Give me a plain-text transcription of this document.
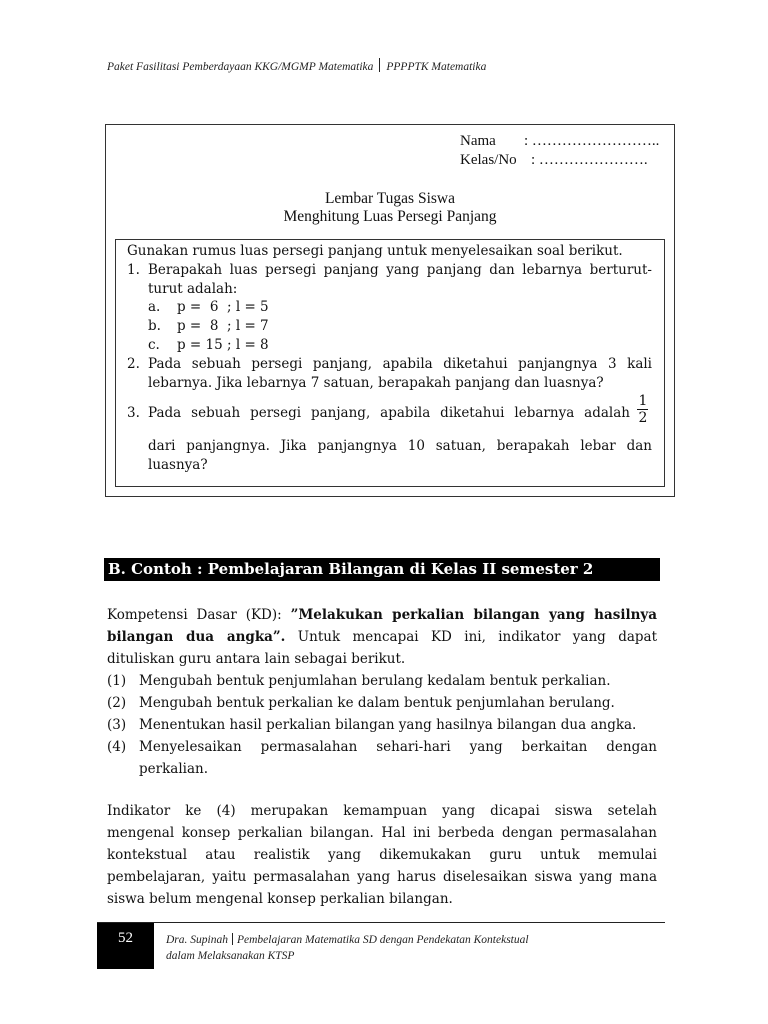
Paket Fasilitasi Pemberdayaan KKG/MGMP Matematika PPPPTK Matematika
Nama : ……………………..
Kelas/No : ………………….
Lembar Tugas Siswa
Menghitung Luas Persegi Panjang
Gunakan rumus luas persegi panjang untuk menyelesaikan soal berikut.
1. Berapakah luas persegi panjang yang panjang dan lebarnya berturut-
turut adalah:
a. p =  6  ; l = 5
b. p =  8  ; l = 7
c. p = 15 ; l = 8
2. Pada sebuah persegi panjang, apabila diketahui panjangnya 3 kali
lebarnya. Jika lebarnya 7 satuan, berapakah panjang dan luasnya?
3. Pada sebuah persegi panjang, apabila diketahui lebarnya adalah
1
2
dari panjangnya. Jika panjangnya 10 satuan, berapakah lebar dan
luasnya?
B. Contoh : Pembelajaran Bilangan di Kelas II semester 2
Kompetensi Dasar (KD): ”Melakukan perkalian bilangan yang hasilnya
bilangan dua angka”. Untuk mencapai KD ini, indikator yang dapat
dituliskan guru antara lain sebagai berikut.
(1) Mengubah bentuk penjumlahan berulang kedalam bentuk perkalian.
(2) Mengubah bentuk perkalian ke dalam bentuk penjumlahan berulang.
(3) Menentukan hasil perkalian bilangan yang hasilnya bilangan dua angka.
(4) Menyelesaikan permasalahan sehari-hari yang berkaitan dengan
perkalian.
Indikator ke (4) merupakan kemampuan yang dicapai siswa setelah
mengenal konsep perkalian bilangan. Hal ini berbeda dengan permasalahan
kontekstual atau realistik yang dikemukakan guru untuk memulai
pembelajaran, yaitu permasalahan yang harus diselesaikan siswa yang mana
siswa belum mengenal konsep perkalian bilangan.
52	Dra. Supinah Pembelajaran Matematika SD dengan Pendekatan Kontekstual
dalam Melaksanakan KTSP
